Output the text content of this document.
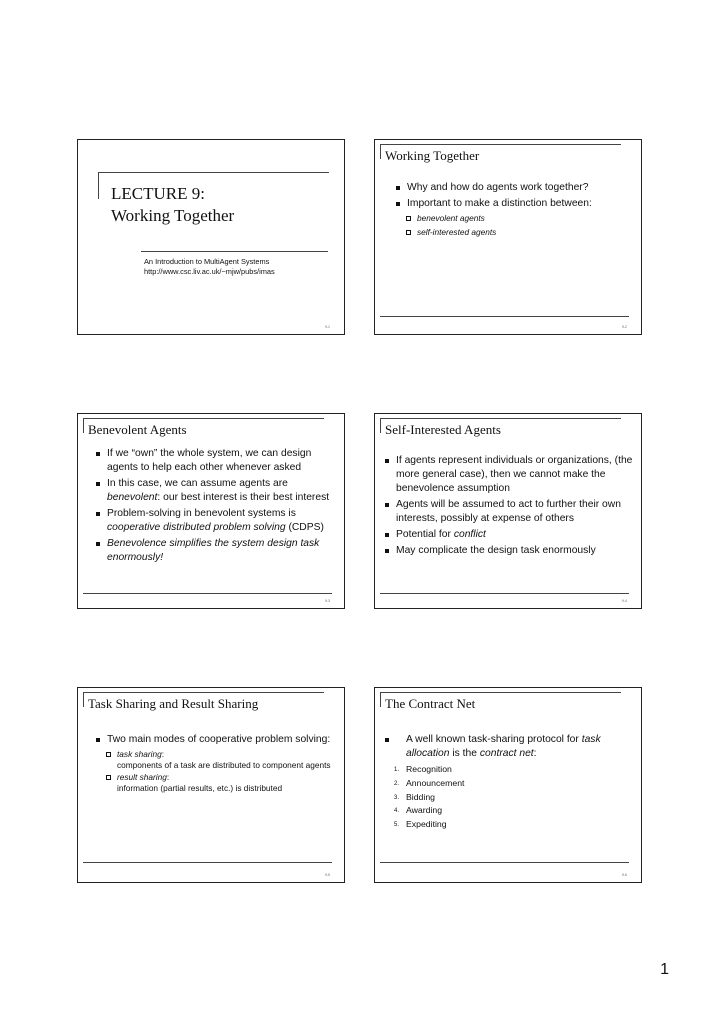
LECTURE 9:
Working Together
An Introduction to MultiAgent Systems
http://www.csc.liv.ac.uk/~mjw/pubs/imas
9-1
Working Together
Why and how do agents work together?
Important to make a distinction between:
benevolent agents
self-interested agents
9-2
Benevolent Agents
If we “own” the whole system, we can design agents to help each other whenever asked
In this case, we can assume agents are benevolent: our best interest is their best interest
Problem-solving in benevolent systems is cooperative distributed problem solving (CDPS)
Benevolence simplifies the system design task enormously!
9-3
Self-Interested Agents
If agents represent individuals or organizations, (the more general case), then we cannot make the benevolence assumption
Agents will be assumed to act to further their own interests, possibly at expense of others
Potential for conflict
May complicate the design task enormously
9-4
Task Sharing and Result Sharing
Two main modes of cooperative problem solving:
task sharing:
components of a task are distributed to component agents
result sharing:
information (partial results, etc.) is distributed
9-5
The Contract Net
A well known task-sharing protocol for task allocation is the contract net:
1. Recognition
2. Announcement
3. Bidding
4. Awarding
5. Expediting
9-6
1
